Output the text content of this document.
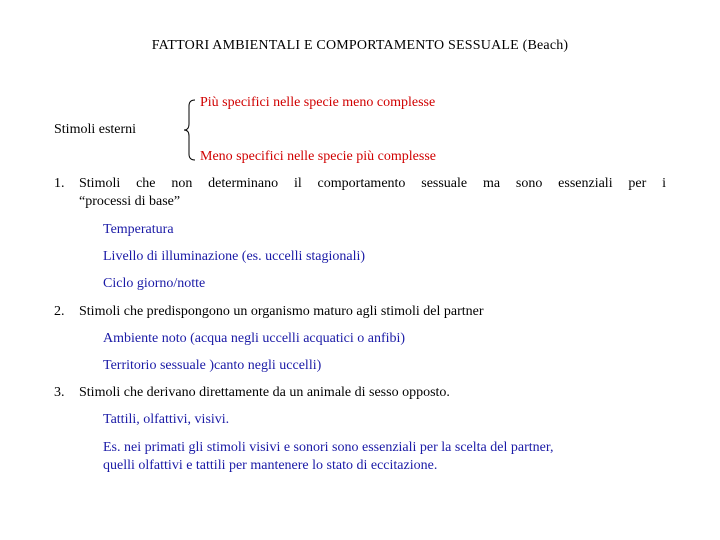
FATTORI AMBIENTALI E COMPORTAMENTO SESSUALE (Beach)
Stimoli esterni
Più specifici nelle specie meno complesse
Meno specifici nelle specie più complesse
1. Stimoli che non determinano il comportamento sessuale ma sono essenziali per i
“processi di base”
Temperatura
Livello di illuminazione (es. uccelli stagionali)
Ciclo giorno/notte
2. Stimoli che predispongono un organismo maturo agli stimoli del partner
Ambiente noto (acqua negli uccelli acquatici o anfibi)
Territorio sessuale )canto negli uccelli)
3. Stimoli che derivano direttamente da un animale di sesso opposto.
Tattili, olfattivi, visivi.
Es. nei primati gli stimoli visivi e sonori sono essenziali per la scelta del partner,
quelli olfattivi e tattili per mantenere lo stato di eccitazione.
